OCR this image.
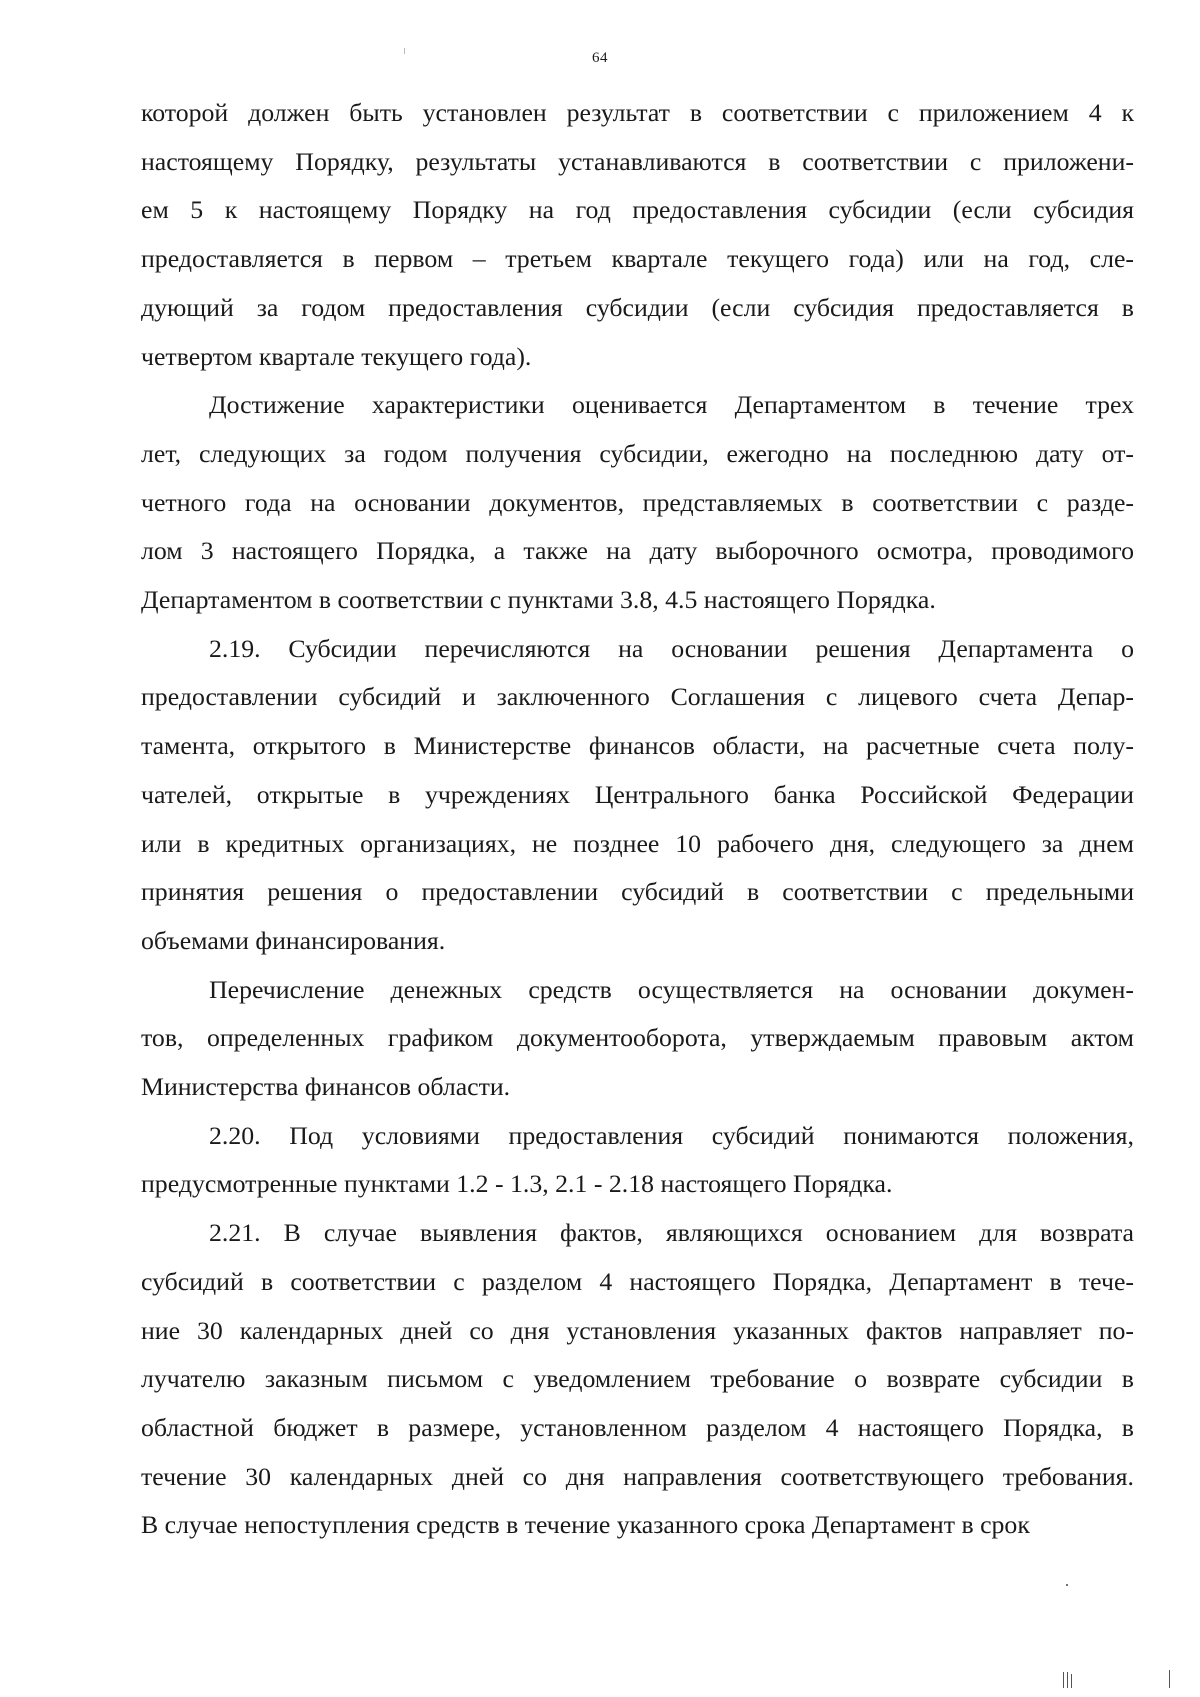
64
которой должен быть установлен результат в соответствии с приложением 4 к
настоящему Порядку, результаты устанавливаются в соответствии с приложени-
ем 5 к настоящему Порядку на год предоставления субсидии (если субсидия
предоставляется в первом – третьем квартале текущего года) или на год, сле-
дующий за годом предоставления субсидии (если субсидия предоставляется в
четвертом квартале текущего года).
Достижение характеристики оценивается Департаментом в течение трех
лет, следующих за годом получения субсидии, ежегодно на последнюю дату от-
четного года на основании документов, представляемых в соответствии с разде-
лом 3 настоящего Порядка, а также на дату выборочного осмотра, проводимого
Департаментом в соответствии с пунктами 3.8, 4.5 настоящего Порядка.
2.19. Субсидии перечисляются на основании решения Департамента о
предоставлении субсидий и заключенного Соглашения с лицевого счета Депар-
тамента, открытого в Министерстве финансов области, на расчетные счета полу-
чателей, открытые в учреждениях Центрального банка Российской Федерации
или в кредитных организациях, не позднее 10 рабочего дня, следующего за днем
принятия решения о предоставлении субсидий в соответствии с предельными
объемами финансирования.
Перечисление денежных средств осуществляется на основании докумен-
тов, определенных графиком документооборота, утверждаемым правовым актом
Министерства финансов области.
2.20. Под условиями предоставления субсидий понимаются положения,
предусмотренные пунктами 1.2 - 1.3, 2.1 - 2.18 настоящего Порядка.
2.21. В случае выявления фактов, являющихся основанием для возврата
субсидий в соответствии с разделом 4 настоящего Порядка, Департамент в тече-
ние 30 календарных дней со дня установления указанных фактов направляет по-
лучателю заказным письмом с уведомлением требование о возврате субсидии в
областной бюджет в размере, установленном разделом 4 настоящего Порядка, в
течение 30 календарных дней со дня направления соответствующего требования.
В случае непоступления средств в течение указанного срока Департамент в срок
